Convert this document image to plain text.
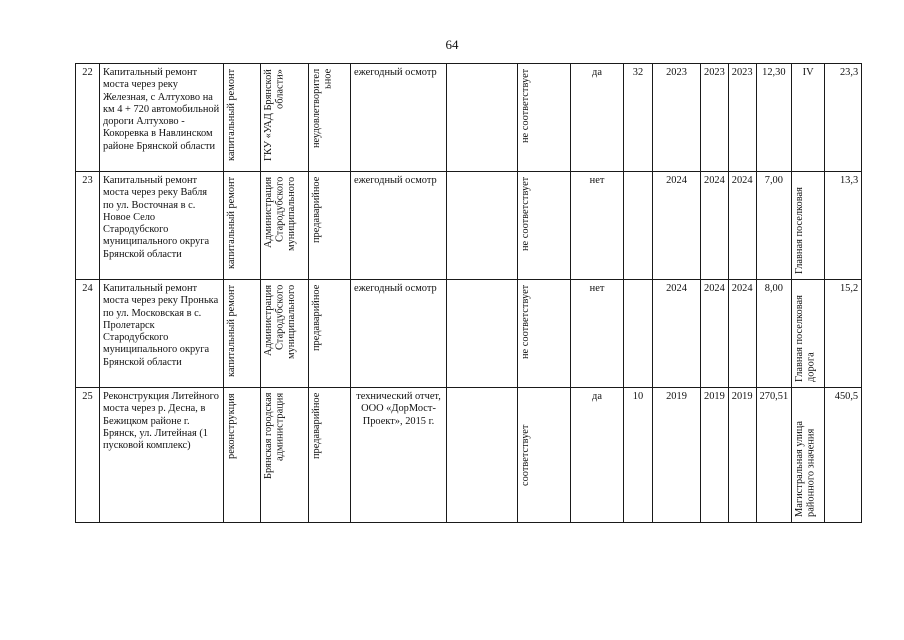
64
22	Капитальный ремонт моста через реку Железная, с Алтухово на км 4 + 720 автомобильной дороги Алтухово - Кокоревка в Навлинском районе Брянской области	капитальный ремонт	ГКУ «УАД Брянской области»	неудовлетворител ьное	ежегодный осмотр		не соответствует	да	32	2023	2023	2023	12,30	IV	23,3
23	Капитальный ремонт моста через реку Вабля по ул. Восточная в с. Новое Село Стародубского муниципального округа Брянской области	капитальный ремонт	Администрация Стародубского муниципального	предаварийное	ежегодный осмотр		не соответствует	нет		2024	2024	2024	7,00	Главная поселковая	13,3
24	Капитальный ремонт моста через реку Пронька по ул. Московская в с. Пролетарск Стародубского муниципального округа Брянской области	капитальный ремонт	Администрация Стародубского муниципального	предаварийное	ежегодный осмотр		не соответствует	нет		2024	2024	2024	8,00	Главная поселковая дорога	15,2
25	Реконструкция Литейного моста через р. Десна, в Бежицком районе г. Брянск, ул. Литейная (1 пусковой комплекс)	реконструкция	Брянская городская администрация	предаварийное	технический отчет, ООО «ДорМост-Проект», 2015 г.		соответствует	да	10	2019	2019	2019	270,51	Магистральная улица районного значения	450,5
